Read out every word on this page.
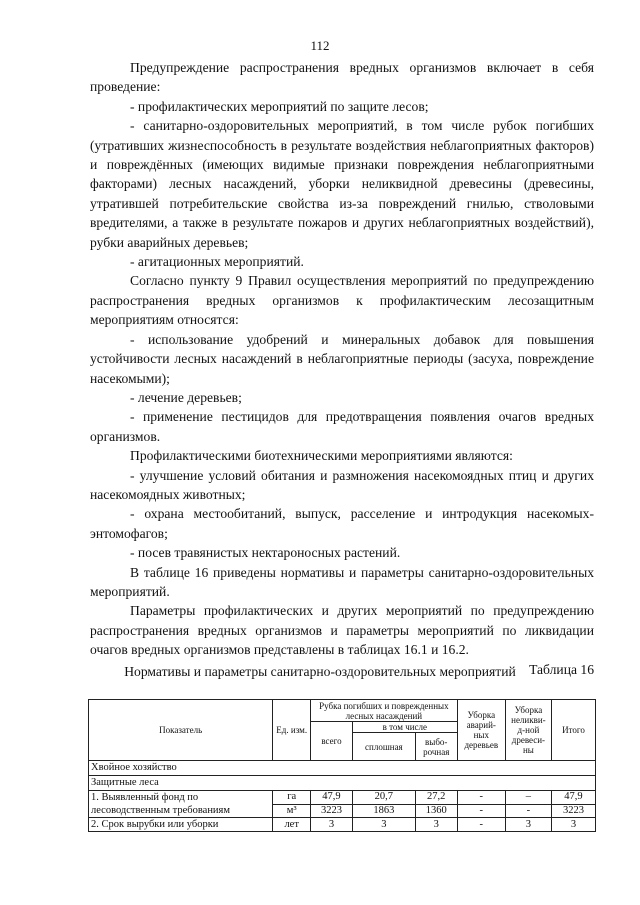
112

Предупреждение распространения вредных организмов включает в себя проведение:

- профилактических мероприятий по защите лесов;

- санитарно-оздоровительных мероприятий, в том числе рубок погибших (утративших жизнеспособность в результате воздействия неблагоприятных факторов) и повреждённых (имеющих видимые признаки повреждения неблагоприятными факторами) лесных насаждений, уборки неликвидной древесины (древесины, утратившей потребительские свойства из-за повреждений гнилью, стволовыми вредителями, а также в результате пожаров и других неблагоприятных воздействий), рубки аварийных деревьев;

- агитационных мероприятий.

Согласно пункту 9 Правил осуществления мероприятий по предупреждению распространения вредных организмов к профилактическим лесозащитным мероприятиям относятся:

- использование удобрений и минеральных добавок для повышения устойчивости лесных насаждений в неблагоприятные периоды (засуха, повреждение насекомыми);

- лечение деревьев;

- применение пестицидов для предотвращения появления очагов вредных организмов.

Профилактическими биотехническими мероприятиями являются:

- улучшение условий обитания и размножения насекомоядных птиц и других насекомоядных животных;

- охрана местообитаний, выпуск, расселение и интродукция насекомых-энтомофагов;

- посев травянистых нектароносных растений.

В таблице 16 приведены нормативы и параметры санитарно-оздоровительных мероприятий.

Параметры профилактических и других мероприятий по предупреждению распространения вредных организмов и параметры мероприятий по ликвидации очагов вредных организмов представлены в таблицах 16.1 и 16.2.

Таблица 16

Нормативы и параметры санитарно-оздоровительных мероприятий
Показатель	Ед. изм.	Рубка погибших и поврежденных лесных насаждений			Уборка аварий-ных деревьев	Уборка неликви-д-ной древеси-ны	Итого
		всего	в том числе				
			сплошная	выбо-рочная			
Хвойное хозяйство							
Защитные леса							
1. Выявленный фонд по лесоводственным требованиям	га	47,9	20,7	27,2	-	–	47,9
	м³	3223	1863	1360	-	-	3223
2. Срок вырубки или уборки	лет	3	3	3	-	3	3
